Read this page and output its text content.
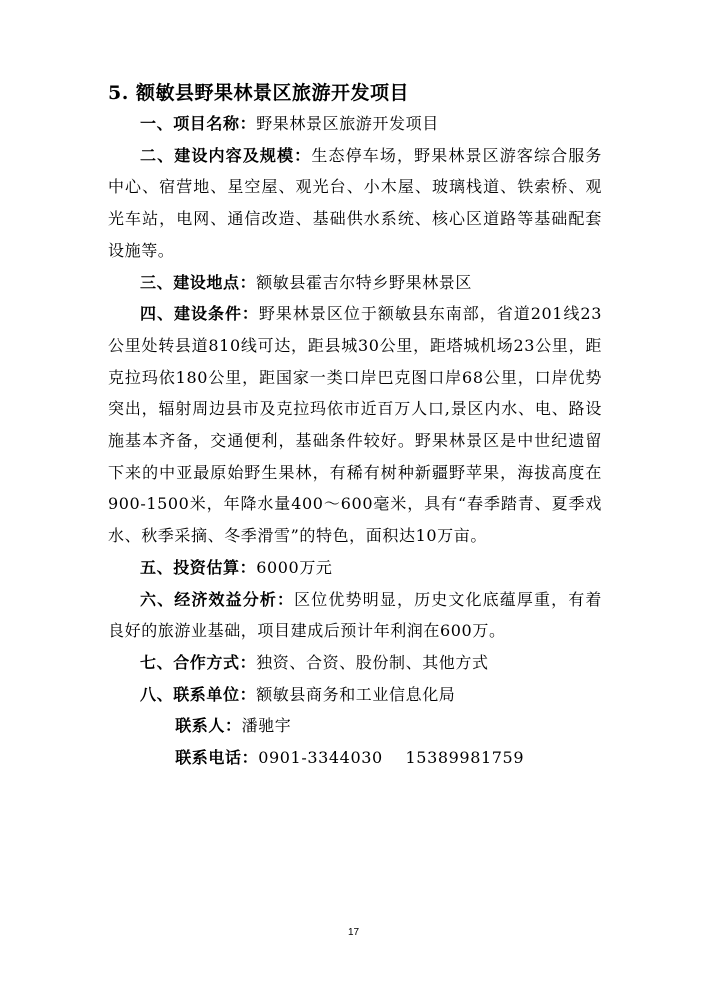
5. 额敏县野果林景区旅游开发项目

一、项目名称：野果林景区旅游开发项目

二、建设内容及规模：生态停车场，野果林景区游客综合服务中心、宿营地、星空屋、观光台、小木屋、玻璃栈道、铁索桥、观光车站，电网、通信改造、基础供水系统、核心区道路等基础配套设施等。

三、建设地点：额敏县霍吉尔特乡野果林景区

四、建设条件：野果林景区位于额敏县东南部，省道201线23公里处转县道810线可达，距县城30公里，距塔城机场23公里，距克拉玛依180公里，距国家一类口岸巴克图口岸68公里，口岸优势突出，辐射周边县市及克拉玛依市近百万人口,景区内水、电、路设施基本齐备，交通便利，基础条件较好。野果林景区是中世纪遗留下来的中亚最原始野生果林，有稀有树种新疆野苹果，海拔高度在900-1500米，年降水量400～600毫米，具有“春季踏青、夏季戏水、秋季采摘、冬季滑雪”的特色，面积达10万亩。

五、投资估算：6000万元

六、经济效益分析：区位优势明显，历史文化底蕴厚重，有着良好的旅游业基础，项目建成后预计年利润在600万。

七、合作方式：独资、合资、股份制、其他方式

八、联系单位：额敏县商务和工业信息化局

联系人：潘驰宇

联系电话：0901-3344030    15389981759

17
